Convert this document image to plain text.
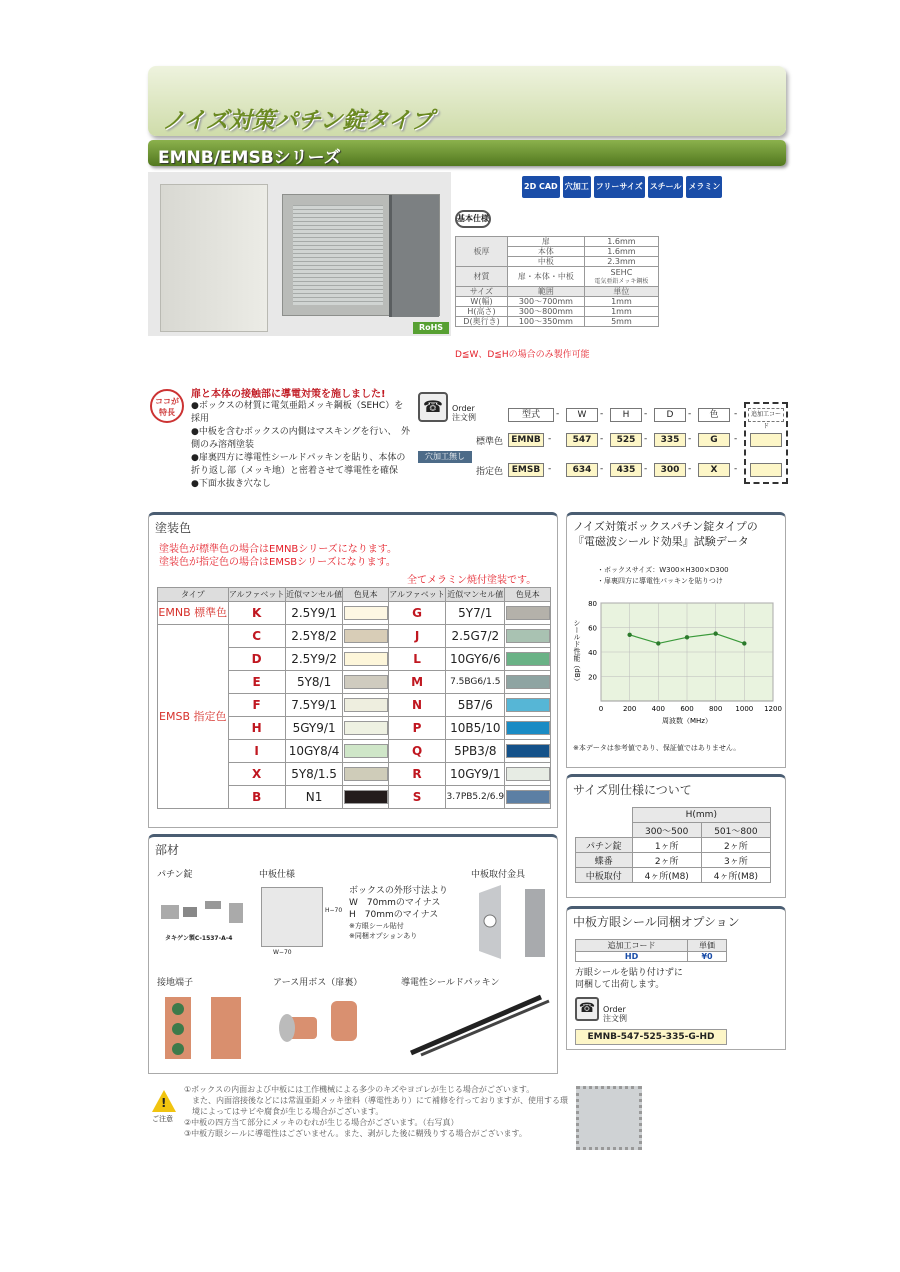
ノイズ対策パチン錠タイプ
EMNB/EMSBシリーズ
RoHS
2D CAD 穴加工 フリーサイズ スチール メラミン
基本仕様
板厚	扉	1.6mm
	本体	1.6mm
	中板	2.3mm
材質	扉・本体・中板	SEHC
電気亜鉛メッキ鋼板

サイズ	範囲	単位
W(幅)	300〜700mm	1mm
H(高さ)	300〜800mm	1mm
D(奥行き)	100〜350mm	5mm
D≦W、D≦Hの場合のみ製作可能
ココが特長
扉と本体の接触部に導電対策を施しました!
●ボックスの材質に電気亜鉛メッキ鋼板（SEHC）を　採用
●中板を含むボックスの内側はマスキングを行い、　外側のみ溶剤塗装
●扉裏四方に導電性シールドパッキンを貼り、本体の　折り返し部（メッキ地）と密着させて導電性を確保
●下面水抜き穴なし
☎	Order
注文例	型式	W	H	D	色	追加工コード
-	-	-	-	-
標準色 EMNB	547	525	335	G
-	-	-	-	-
指定色 EMSB	634	435	300	X
-	-	-	-	-
穴加工無し
塗装色
塗装色が標準色の場合はEMNBシリーズになります。
塗装色が指定色の場合はEMSBシリーズになります。
全てメラミン焼付塗装です。
タイプ	アルファベット	近似マンセル値	色見本	アルファベット	近似マンセル値	色見本
EMNB 標準色	K	2.5Y9/1		G	5Y7/1	

EMSB 指定色	C	2.5Y8/2		J	2.5G7/2	

	D	2.5Y9/2		L	10GY6/6	

	E	5Y8/1		M	7.5BG6/1.5	

	F	7.5Y9/1		N	5B7/6	

	H	5GY9/1		P	10B5/10	

	I	10GY8/4		Q	5PB3/8	

	X	5Y8/1.5		R	10GY9/1	

	B	N1		S	3.7PB5.2/6.9	
ノイズ対策ボックスパチン錠タイプの
『電磁波シールド効果』試験データ
・ボックスサイズ：W300×H300×D300
・扉裏四方に導電性パッキンを貼りつけ
20
40
60
80
0	200 400 600 800 1000 1200
周波数（MHz）
シールド性能（dB）
※本データは参考値であり、保証値ではありません。
サイズ別仕様について
	H(mm)	
	300〜500	501〜800
パチン錠	1ヶ所	2ヶ所
蝶番	2ヶ所	3ヶ所
中板取付	4ヶ所(M8)	4ヶ所(M8)
中板方眼シール同梱オプション
追加工コード	単価
HD	¥0
方眼シールを貼り付けずに
同梱して出荷します。
☎ Order
注文例
EMNB-547-525-335-G-HD
部材
パチン錠
タキゲン製C-1537-A-4
中板仕様
W−70
H−70
ボックスの外形寸法より
W　70mmのマイナス
H　70mmのマイナス
※方眼シール貼付
※同梱オプションあり
中板取付金具
接地端子	アース用ボス（扉裏）	導電性シールドパッキン
!
ご注意
①ボックスの内面および中板には工作機械による多少のキズやヨゴレが生じる場合がございます。
　また、内面溶接後などには常温亜鉛メッキ塗料（導電性あり）にて補修を行っておりますが、使用する環
　境によってはサビや腐食が生じる場合がございます。
②中板の四方当て部分にメッキのむれが生じる場合がございます。（右写真）
③中板方眼シールに導電性はございません。また、剥がした後に糊残りする場合がございます。
